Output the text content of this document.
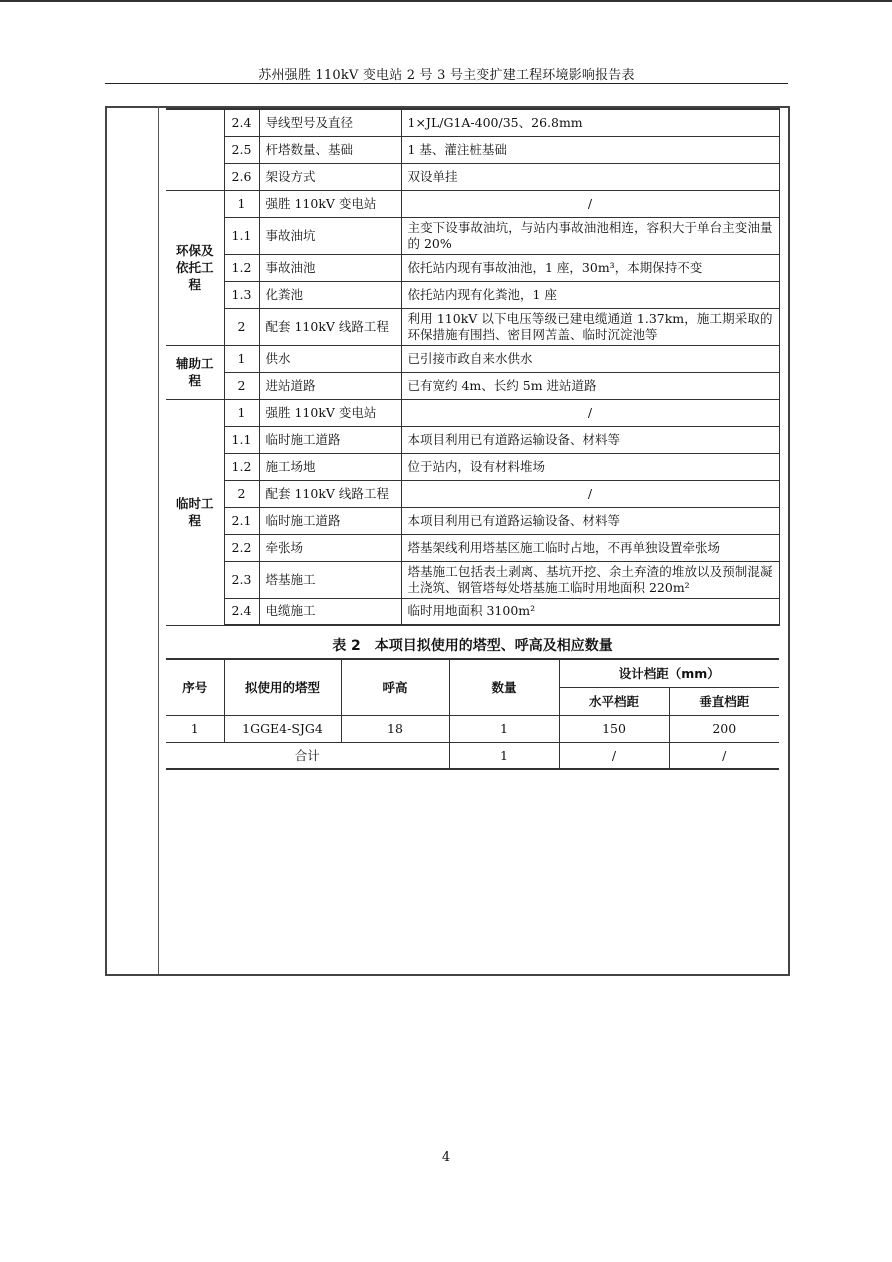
苏州强胜 110kV 变电站 2 号 3 号主变扩建工程环境影响报告表
	2.4	导线型号及直径	1×JL/G1A-400/35、26.8mm
	2.5	杆塔数量、基础	1 基、灌注桩基础
	2.6	架设方式	双设单挂
环保及依托工程	1	强胜 110kV 变电站	/
	1.1	事故油坑	主变下设事故油坑，与站内事故油池相连，容积大于单台主变油量的 20%
	1.2	事故油池	依托站内现有事故油池，1 座，30m³，本期保持不变
	1.3	化粪池	依托站内现有化粪池，1 座
	2	配套 110kV 线路工程	利用 110kV 以下电压等级已建电缆通道 1.37km，施工期采取的环保措施有围挡、密目网苫盖、临时沉淀池等
辅助工程	1	供水	已引接市政自来水供水
	2	进站道路	已有宽约 4m、长约 5m 进站道路
临时工程	1	强胜 110kV 变电站	/
	1.1	临时施工道路	本项目利用已有道路运输设备、材料等
	1.2	施工场地	位于站内，设有材料堆场
	2	配套 110kV 线路工程	/
	2.1	临时施工道路	本项目利用已有道路运输设备、材料等
	2.2	牵张场	塔基架线利用塔基区施工临时占地，不再单独设置牵张场
	2.3	塔基施工	塔基施工包括表土剥离、基坑开挖、余土弃渣的堆放以及预制混凝土浇筑、钢管塔每处塔基施工临时用地面积 220m²
	2.4	电缆施工	临时用地面积 3100m²
表 2　本项目拟使用的塔型、呼高及相应数量
序号	拟使用的塔型	呼高	数量	设计档距（mm）	
				水平档距	垂直档距
1	1GGE4-SJG4	18	1	150	200
合计			1	/	/
4
